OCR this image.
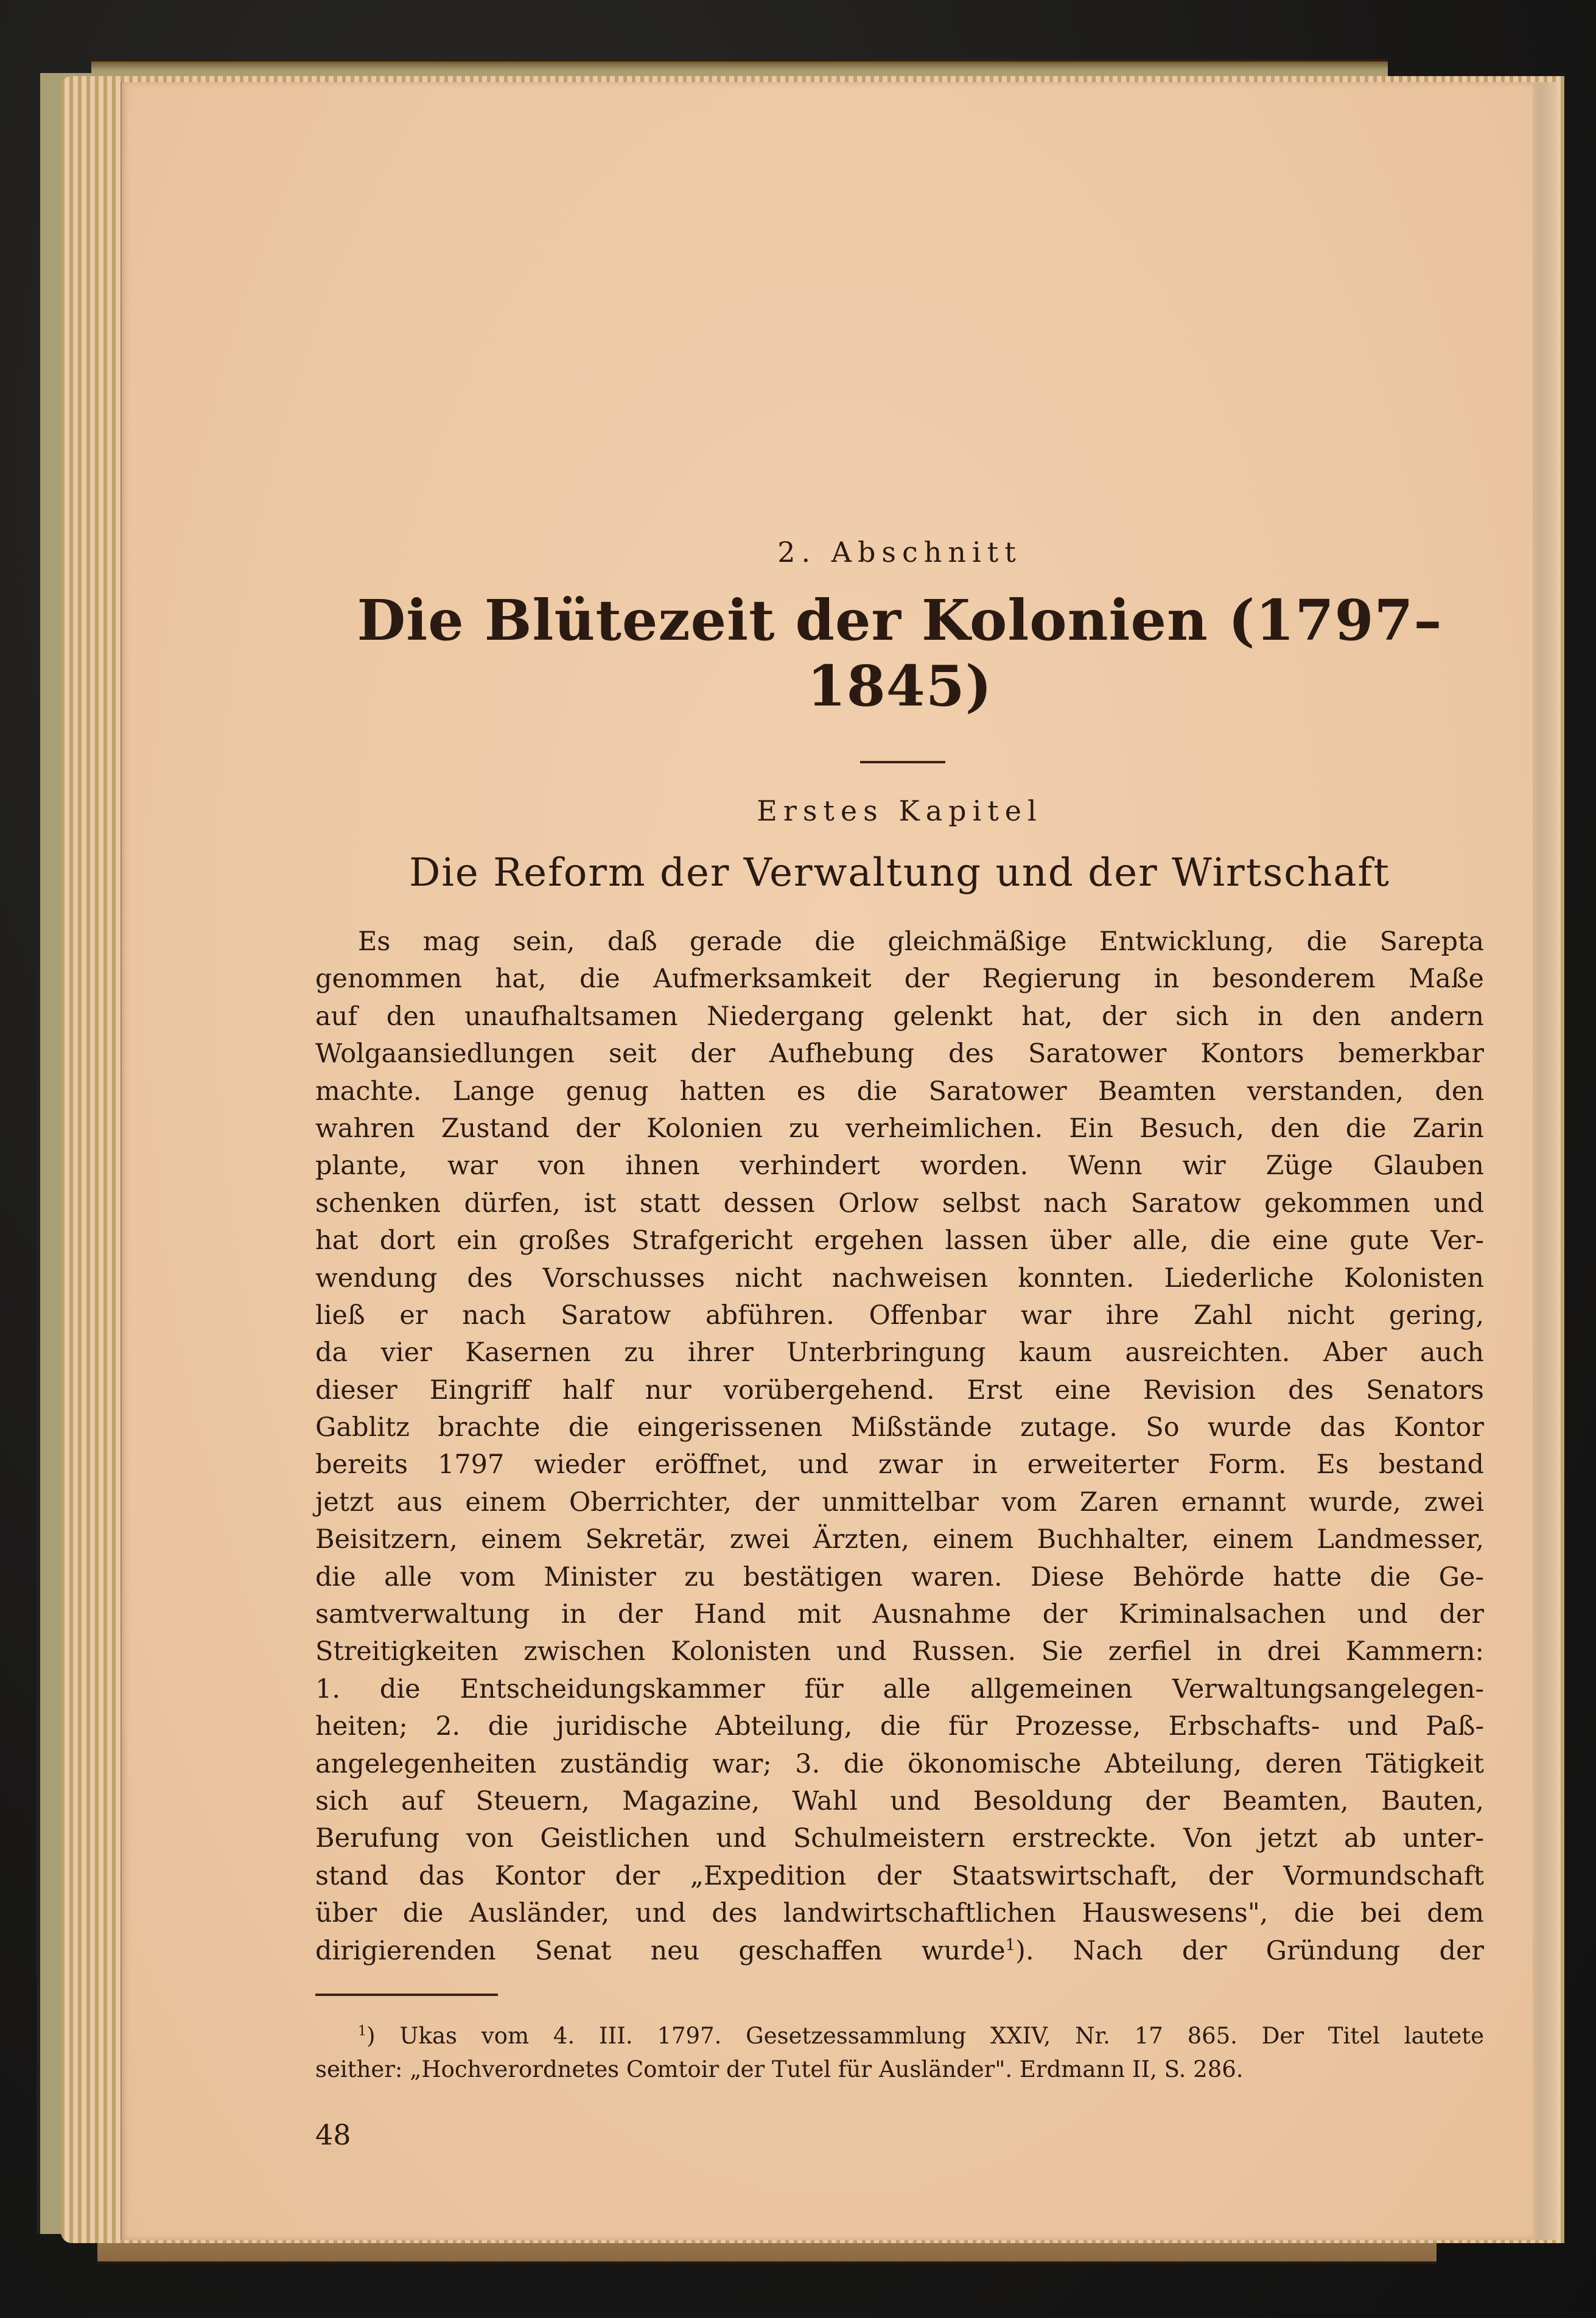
2. Abschnitt
Die Blütezeit der Kolonien (1797–1845)
Erstes Kapitel
Die Reform der Verwaltung und der Wirtschaft
Es mag sein, daß gerade die gleichmäßige Entwicklung, die Sarepta
genommen hat, die Aufmerksamkeit der Regierung in besonderem Maße
auf den unaufhaltsamen Niedergang gelenkt hat, der sich in den andern
Wolgaansiedlungen seit der Aufhebung des Saratower Kontors bemerkbar
machte. Lange genug hatten es die Saratower Beamten verstanden, den
wahren Zustand der Kolonien zu verheimlichen. Ein Besuch, den die Zarin
plante, war von ihnen verhindert worden. Wenn wir Züge Glauben
schenken dürfen, ist statt dessen Orlow selbst nach Saratow gekommen und
hat dort ein großes Strafgericht ergehen lassen über alle, die eine gute Ver-
wendung des Vorschusses nicht nachweisen konnten. Liederliche Kolonisten
ließ er nach Saratow abführen. Offenbar war ihre Zahl nicht gering,
da vier Kasernen zu ihrer Unterbringung kaum ausreichten. Aber auch
dieser Eingriff half nur vorübergehend. Erst eine Revision des Senators
Gablitz brachte die eingerissenen Mißstände zutage. So wurde das Kontor
bereits 1797 wieder eröffnet, und zwar in erweiterter Form. Es bestand
jetzt aus einem Oberrichter, der unmittelbar vom Zaren ernannt wurde, zwei
Beisitzern, einem Sekretär, zwei Ärzten, einem Buchhalter, einem Landmesser,
die alle vom Minister zu bestätigen waren. Diese Behörde hatte die Ge-
samtverwaltung in der Hand mit Ausnahme der Kriminalsachen und der
Streitigkeiten zwischen Kolonisten und Russen. Sie zerfiel in drei Kammern:
1. die Entscheidungskammer für alle allgemeinen Verwaltungsangelegen-
heiten; 2. die juridische Abteilung, die für Prozesse, Erbschafts- und Paß-
angelegenheiten zuständig war; 3. die ökonomische Abteilung, deren Tätigkeit
sich auf Steuern, Magazine, Wahl und Besoldung der Beamten, Bauten,
Berufung von Geistlichen und Schulmeistern erstreckte. Von jetzt ab unter-
stand das Kontor der „Expedition der Staatswirtschaft, der Vormundschaft
über die Ausländer, und des landwirtschaftlichen Hauswesens", die bei dem
dirigierenden Senat neu geschaffen wurde$^1$). Nach der Gründung der
$^1$) Ukas vom 4. III. 1797. Gesetzessammlung XXIV, Nr. 17 865. Der Titel lautete
seither: „Hochverordnetes Comtoir der Tutel für Ausländer". Erdmann II, S. 286.
48
